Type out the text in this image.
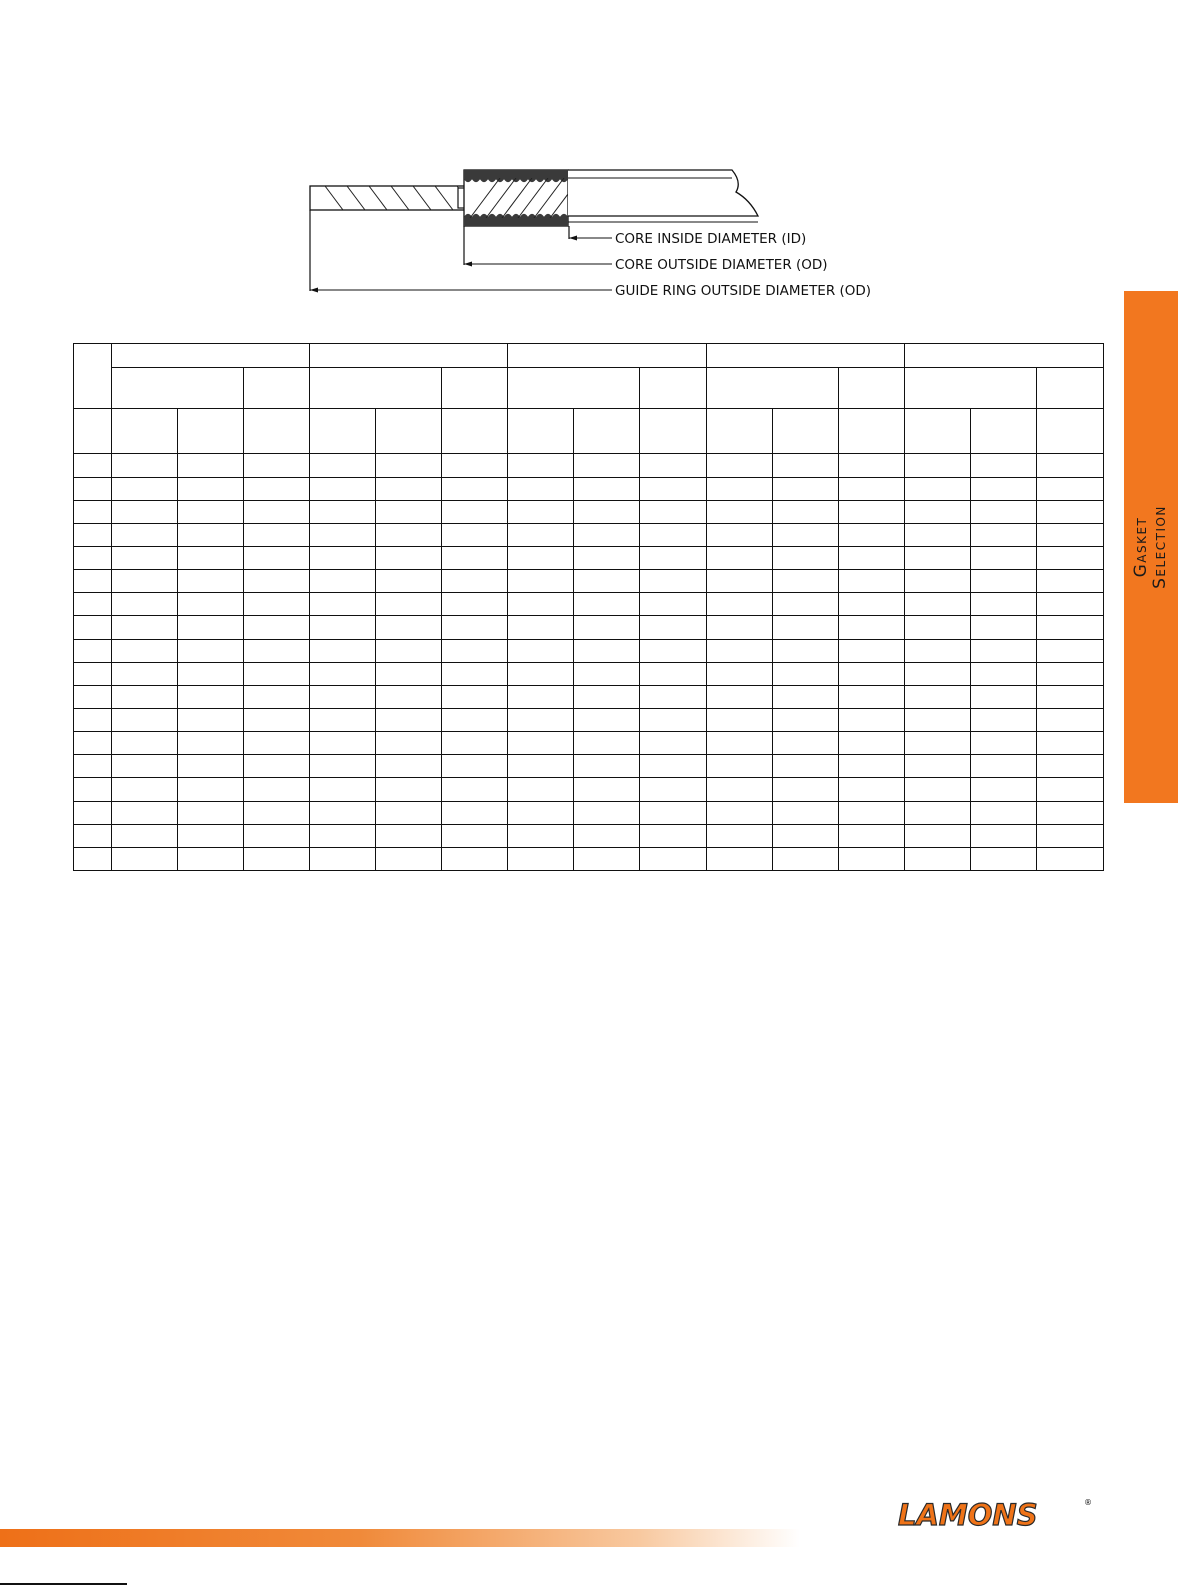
CORE INSIDE DIAMETER (ID)
CORE OUTSIDE DIAMETER (OD)
GUIDE RING OUTSIDE DIAMETER (OD)

Gasket
Selection
LAMONS	®
